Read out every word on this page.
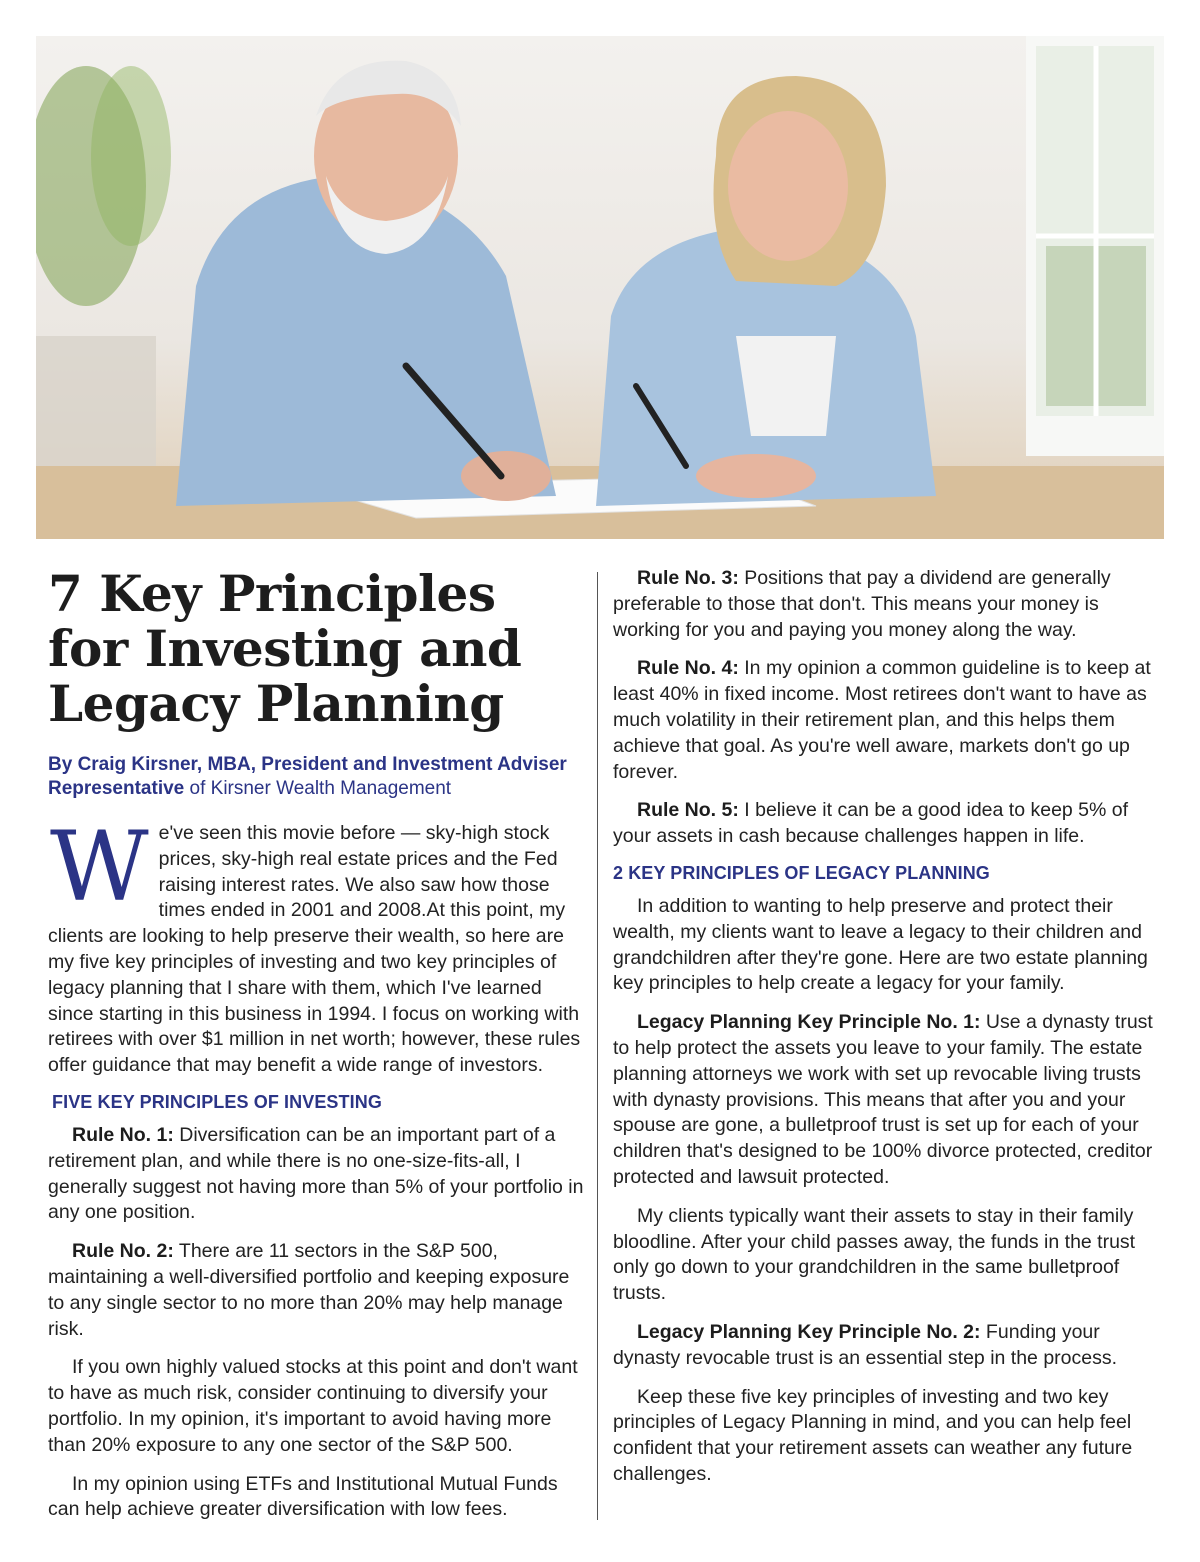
7 Key Principles for Investing and Legacy Planning
By Craig Kirsner, MBA, President and Investment Adviser
Representative of Kirsner Wealth Management

We've seen this movie before — sky-high stock prices, sky-high real estate prices and the Fed raising interest rates. We also saw how those times ended in 2001 and 2008.At this point, my clients are looking to help preserve their wealth, so here are my five key principles of investing and two key principles of legacy planning that I share with them, which I've learned since starting in this business in 1994. I focus on working with retirees with over $1 million in net worth; however, these rules offer guidance that may benefit a wide range of investors.

FIVE KEY PRINCIPLES OF INVESTING

Rule No. 1: Diversification can be an important part of a retirement plan, and while there is no one-size-fits-all, I generally suggest not having more than 5% of your portfolio in any one position.

Rule No. 2: There are 11 sectors in the S&P 500, maintaining a well-diversified portfolio and keeping exposure to any single sector to no more than 20% may help manage risk.

If you own highly valued stocks at this point and don't want to have as much risk, consider continuing to diversify your portfolio. In my opinion, it's important to avoid having more than 20% exposure to any one sector of the S&P 500.

In my opinion using ETFs and Institutional Mutual Funds can help achieve greater diversification with low fees.

Rule No. 3: Positions that pay a dividend are generally preferable to those that don't. This means your money is working for you and paying you money along the way.

Rule No. 4: In my opinion a common guideline is to keep at least 40% in fixed income. Most retirees don't want to have as much volatility in their retirement plan, and this helps them achieve that goal. As you're well aware, markets don't go up forever.

Rule No. 5: I believe it can be a good idea to keep 5% of your assets in cash because challenges happen in life.

2 KEY PRINCIPLES OF LEGACY PLANNING

In addition to wanting to help preserve and protect their wealth, my clients want to leave a legacy to their children and grandchildren after they're gone. Here are two estate planning key principles to help create a legacy for your family.

Legacy Planning Key Principle No. 1: Use a dynasty trust to help protect the assets you leave to your family. The estate planning attorneys we work with set up revocable living trusts with dynasty provisions. This means that after you and your spouse are gone, a bulletproof trust is set up for each of your children that's designed to be 100% divorce protected, creditor protected and lawsuit protected.

My clients typically want their assets to stay in their family bloodline. After your child passes away, the funds in the trust only go down to your grandchildren in the same bulletproof trusts.

Legacy Planning Key Principle No. 2: Funding your dynasty revocable trust is an essential step in the process.

Keep these five key principles of investing and two key principles of Legacy Planning in mind, and you can help feel confident that your retirement assets can weather any future challenges.
